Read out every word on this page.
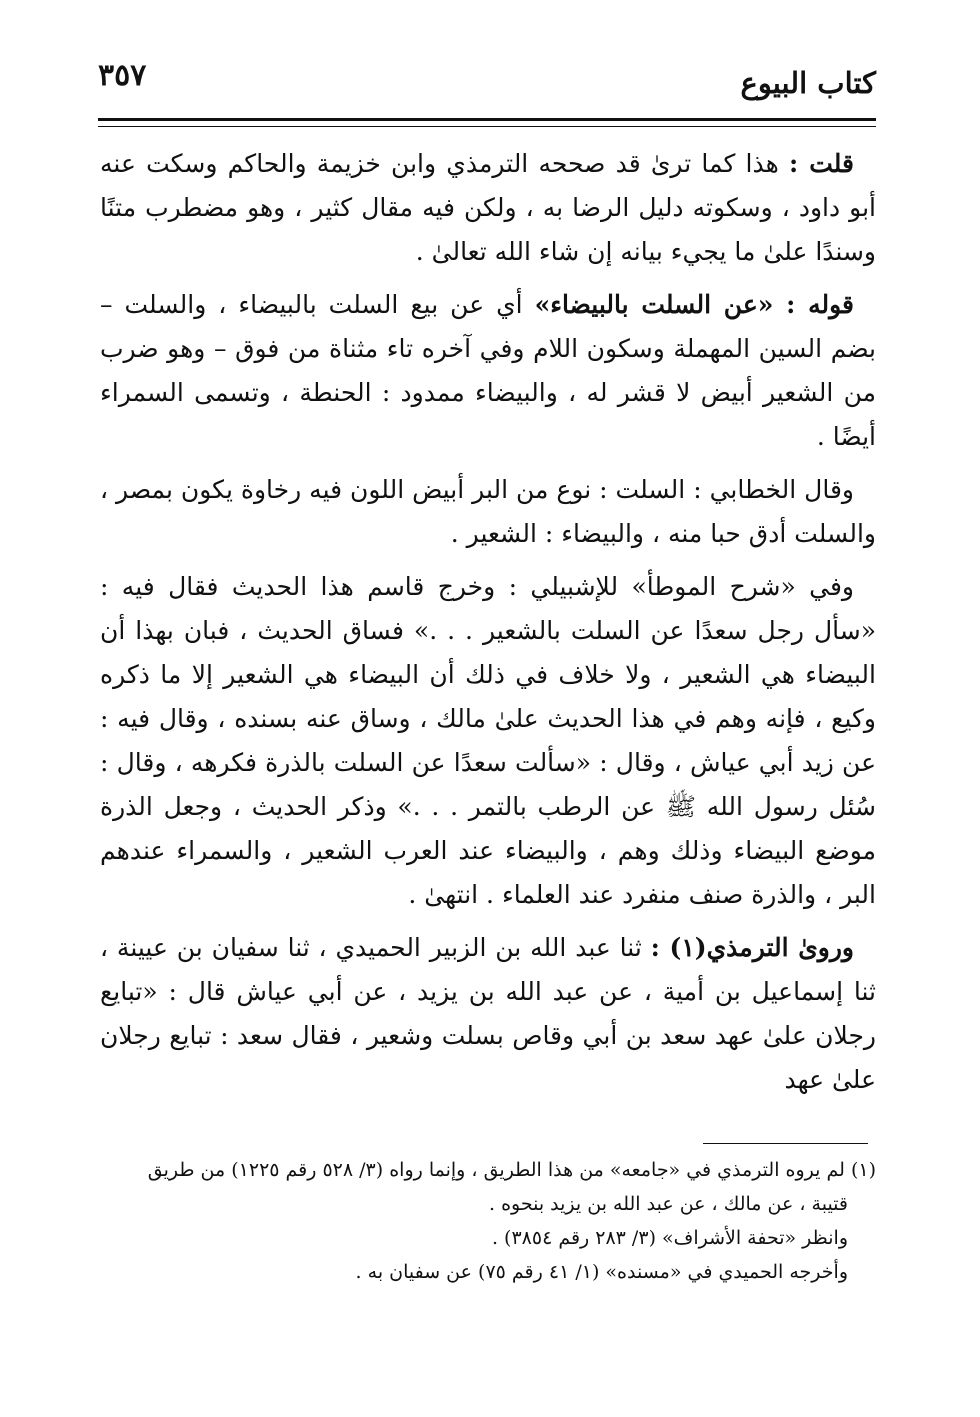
٣٥٧	كتاب البيوع

قلت : هذا كما ترىٰ قد صححه الترمذي وابن خزيمة والحاكم وسكت عنه أبو داود ، وسكوته دليل الرضا به ، ولكن فيه مقال كثير ، وهو مضطرب متنًا وسندًا علىٰ ما يجيء بيانه إن شاء الله تعالىٰ .

قوله : «عن السلت بالبيضاء» أي عن بيع السلت بالبيضاء ، والسلت – بضم السين المهملة وسكون اللام وفي آخره تاء مثناة من فوق – وهو ضرب من الشعير أبيض لا قشر له ، والبيضاء ممدود : الحنطة ، وتسمى السمراء أيضًا .

وقال الخطابي : السلت : نوع من البر أبيض اللون فيه رخاوة يكون بمصر ، والسلت أدق حبا منه ، والبيضاء : الشعير .

وفي «شرح الموطأ» للإشبيلي : وخرج قاسم هذا الحديث فقال فيه : «سأل رجل سعدًا عن السلت بالشعير . . .» فساق الحديث ، فبان بهذا أن البيضاء هي الشعير ، ولا خلاف في ذلك أن البيضاء هي الشعير إلا ما ذكره وكيع ، فإنه وهم في هذا الحديث علىٰ مالك ، وساق عنه بسنده ، وقال فيه : عن زيد أبي عياش ، وقال : «سألت سعدًا عن السلت بالذرة فكرهه ، وقال : سُئل رسول الله ﷺ عن الرطب بالتمر . . .» وذكر الحديث ، وجعل الذرة موضع البيضاء وذلك وهم ، والبيضاء عند العرب الشعير ، والسمراء عندهم البر ، والذرة صنف منفرد عند العلماء . انتهىٰ .

وروىٰ الترمذي(١) : ثنا عبد الله بن الزبير الحميدي ، ثنا سفيان بن عيينة ، ثنا إسماعيل بن أمية ، عن عبد الله بن يزيد ، عن أبي عياش قال : «تبايع رجلان علىٰ عهد سعد بن أبي وقاص بسلت وشعير ، فقال سعد : تبايع رجلان علىٰ عهد

(١) لم يروه الترمذي في «جامعه» من هذا الطريق ، وإنما رواه (٣/ ٥٢٨ رقم ١٢٢٥) من طريق

قتيبة ، عن مالك ، عن عبد الله بن يزيد بنحوه .

وانظر «تحفة الأشراف» (٣/ ٢٨٣ رقم ٣٨٥٤) .

وأخرجه الحميدي في «مسنده» (١/ ٤١ رقم ٧٥) عن سفيان به .
